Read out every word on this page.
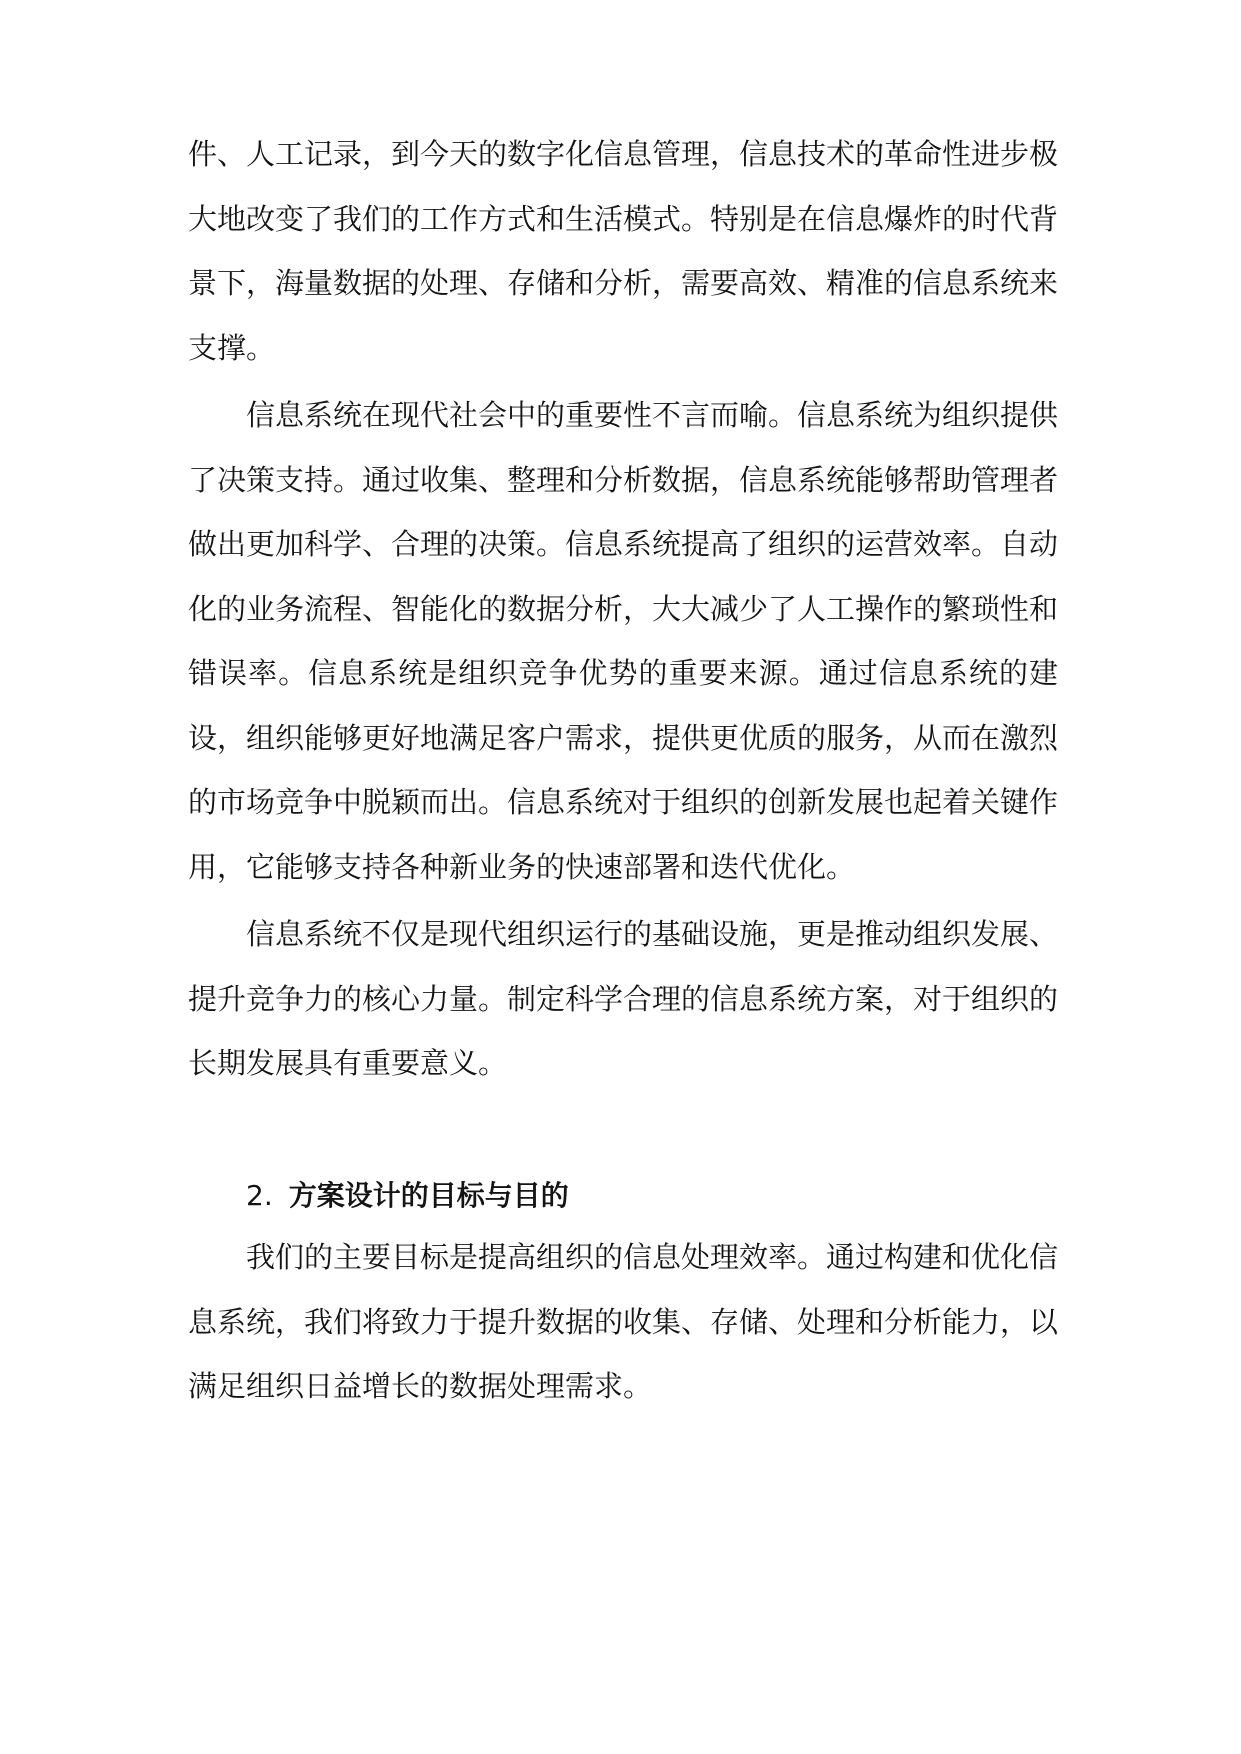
件、人工记录，到今天的数字化信息管理，信息技术的革命性进步极大地改变了我们的工作方式和生活模式。特别是在信息爆炸的时代背景下，海量数据的处理、存储和分析，需要高效、精准的信息系统来支撑。

信息系统在现代社会中的重要性不言而喻。信息系统为组织提供了决策支持。通过收集、整理和分析数据，信息系统能够帮助管理者做出更加科学、合理的决策。信息系统提高了组织的运营效率。自动化的业务流程、智能化的数据分析，大大减少了人工操作的繁琐性和错误率。信息系统是组织竞争优势的重要来源。通过信息系统的建设，组织能够更好地满足客户需求，提供更优质的服务，从而在激烈的市场竞争中脱颖而出。信息系统对于组织的创新发展也起着关键作用，它能够支持各种新业务的快速部署和迭代优化。

信息系统不仅是现代组织运行的基础设施，更是推动组织发展、提升竞争力的核心力量。制定科学合理的信息系统方案，对于组织的长期发展具有重要意义。

2. 方案设计的目标与目的

我们的主要目标是提高组织的信息处理效率。通过构建和优化信息系统，我们将致力于提升数据的收集、存储、处理和分析能力，以满足组织日益增长的数据处理需求。
